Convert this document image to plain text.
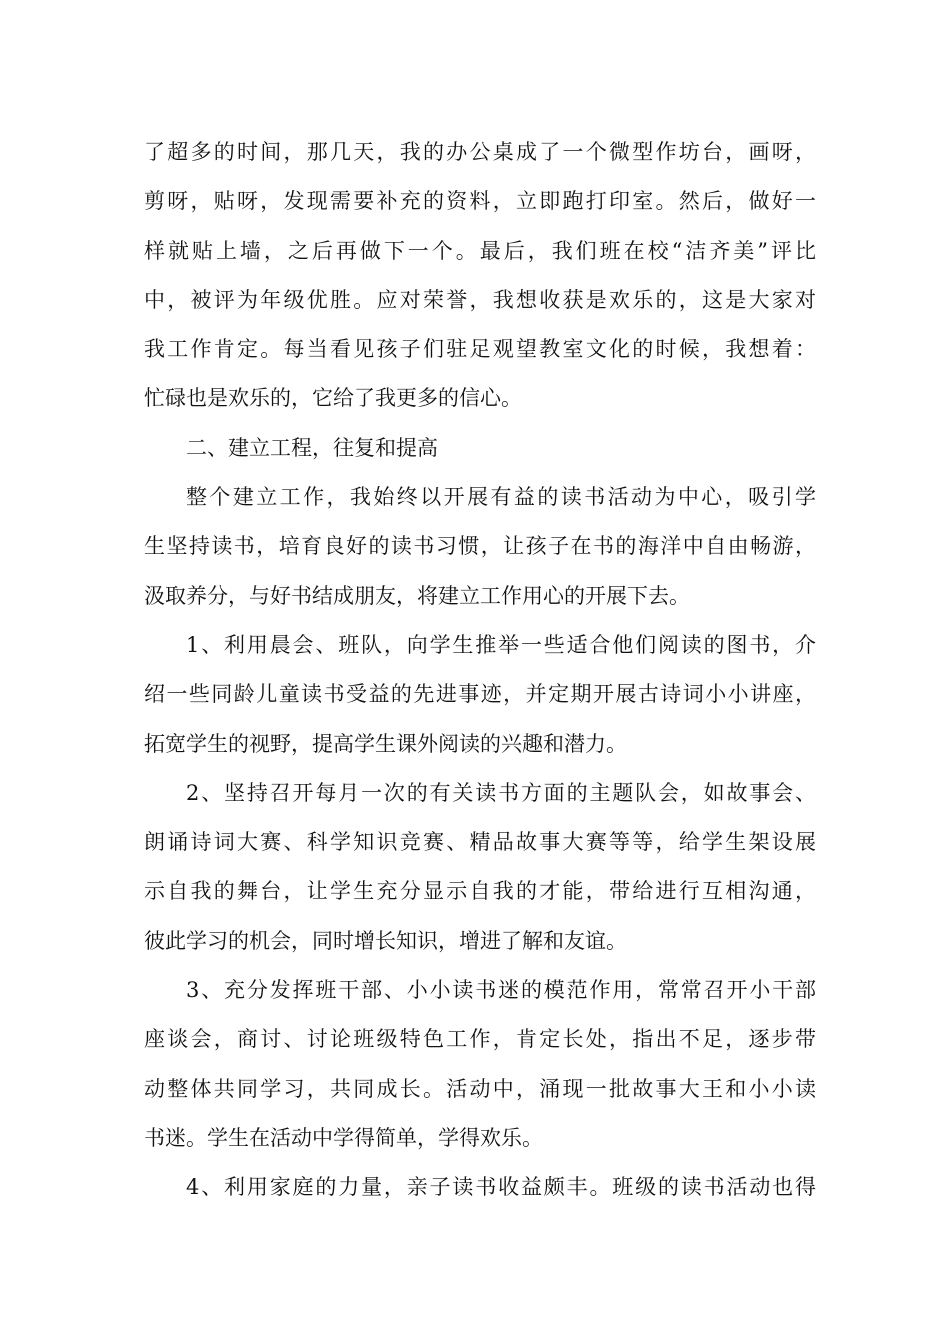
了超多的时间，那几天，我的办公桌成了一个微型作坊台，画呀，
剪呀，贴呀，发现需要补充的资料，立即跑打印室。然后，做好一
样就贴上墙，之后再做下一个。最后，我们班在校“洁齐美”评比
中，被评为年级优胜。应对荣誉，我想收获是欢乐的，这是大家对
我工作肯定。每当看见孩子们驻足观望教室文化的时候，我想着：
忙碌也是欢乐的，它给了我更多的信心。
二、建立工程，往复和提高
整个建立工作，我始终以开展有益的读书活动为中心，吸引学
生坚持读书，培育良好的读书习惯，让孩子在书的海洋中自由畅游，
汲取养分，与好书结成朋友，将建立工作用心的开展下去。
1、利用晨会、班队，向学生推举一些适合他们阅读的图书，介
绍一些同龄儿童读书受益的先进事迹，并定期开展古诗词小小讲座，
拓宽学生的视野，提高学生课外阅读的兴趣和潜力。
2、坚持召开每月一次的有关读书方面的主题队会，如故事会、
朗诵诗词大赛、科学知识竞赛、精品故事大赛等等，给学生架设展
示自我的舞台，让学生充分显示自我的才能，带给进行互相沟通，
彼此学习的机会，同时增长知识，增进了解和友谊。
3、充分发挥班干部、小小读书迷的模范作用，常常召开小干部
座谈会，商讨、讨论班级特色工作，肯定长处，指出不足，逐步带
动整体共同学习，共同成长。活动中，涌现一批故事大王和小小读
书迷。学生在活动中学得简单，学得欢乐。
4、利用家庭的力量，亲子读书收益颇丰。班级的读书活动也得
